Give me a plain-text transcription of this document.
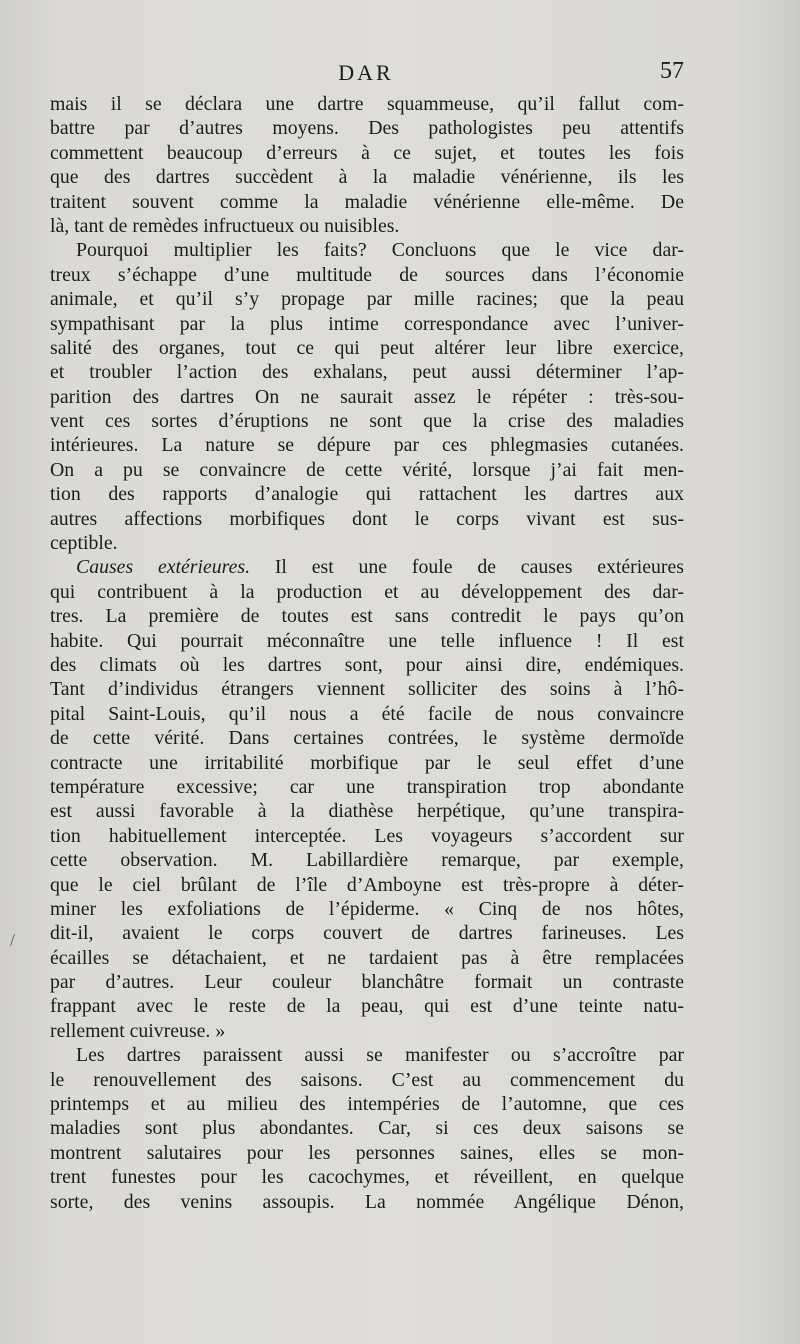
DAR	57
/
mais il se déclara une dartre squammeuse, qu’il fallut com-
battre par d’autres moyens. Des pathologistes peu attentifs
commettent beaucoup d’erreurs à ce sujet, et toutes les fois
que des dartres succèdent à la maladie vénérienne, ils les
traitent souvent comme la maladie vénérienne elle-même. De
là, tant de remèdes infructueux ou nuisibles.
Pourquoi multiplier les faits? Concluons que le vice dar-
treux s’échappe d’une multitude de sources dans l’économie
animale, et qu’il s’y propage par mille racines; que la peau
sympathisant par la plus intime correspondance avec l’univer-
salité des organes, tout ce qui peut altérer leur libre exercice,
et troubler l’action des exhalans, peut aussi déterminer l’ap-
parition des dartres On ne saurait assez le répéter : très-sou-
vent ces sortes d’éruptions ne sont que la crise des maladies
intérieures. La nature se dépure par ces phlegmasies cutanées.
On a pu se convaincre de cette vérité, lorsque j’ai fait men-
tion des rapports d’analogie qui rattachent les dartres aux
autres affections morbifiques dont le corps vivant est sus-
ceptible.
Causes extérieures. Il est une foule de causes extérieures
qui contribuent à la production et au développement des dar-
tres. La première de toutes est sans contredit le pays qu’on
habite. Qui pourrait méconnaître une telle influence ! Il est
des climats où les dartres sont, pour ainsi dire, endémiques.
Tant d’individus étrangers viennent solliciter des soins à l’hô-
pital Saint-Louis, qu’il nous a été facile de nous convaincre
de cette vérité. Dans certaines contrées, le système dermoïde
contracte une irritabilité morbifique par le seul effet d’une
température excessive; car une transpiration trop abondante
est aussi favorable à la diathèse herpétique, qu’une transpira-
tion habituellement interceptée. Les voyageurs s’accordent sur
cette observation. M. Labillardière remarque, par exemple,
que le ciel brûlant de l’île d’Amboyne est très-propre à déter-
miner les exfoliations de l’épiderme. « Cinq de nos hôtes,
dit-il, avaient le corps couvert de dartres farineuses. Les
écailles se détachaient, et ne tardaient pas à être remplacées
par d’autres. Leur couleur blanchâtre formait un contraste
frappant avec le reste de la peau, qui est d’une teinte natu-
rellement cuivreuse. »
Les dartres paraissent aussi se manifester ou s’accroître par
le renouvellement des saisons. C’est au commencement du
printemps et au milieu des intempéries de l’automne, que ces
maladies sont plus abondantes. Car, si ces deux saisons se
montrent salutaires pour les personnes saines, elles se mon-
trent funestes pour les cacochymes, et réveillent, en quelque
sorte, des venins assoupis. La nommée Angélique Dénon,
